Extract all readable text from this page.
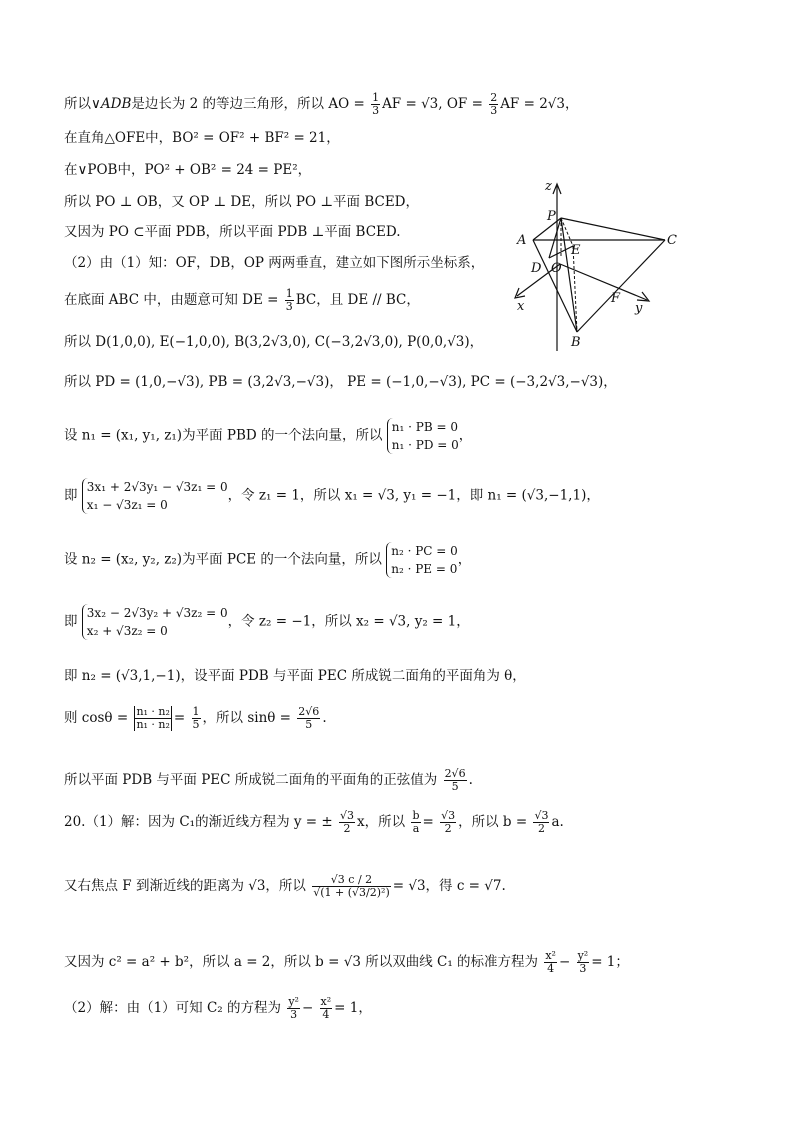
所以∨ADB是边长为 2 的等边三角形，所以 AO = $\frac{1}{3}$ AF = √3, OF = $\frac{2}{3}$ AF = 2√3，
在直角△OFE中，BO² = OF² + BF² = 21，
在∨POB中，PO² + OB² = 24 = PE²，
所以 PO ⊥ OB，又 OP ⊥ DE，所以 PO ⊥平面 BCED，
又因为 PO ⊂平面 PDB，所以平面 PDB ⊥平面 BCED.
（2）由（1）知：OF，DB，OP 两两垂直，建立如下图所示坐标系，
在底面 ABC 中，由题意可知 DE = $\frac{1}{3}$ BC，且 DE // BC，
所以 D(1,0,0), E(−1,0,0), B(3,2√3,0), C(−3,2√3,0), P(0,0,√3)，
所以 PD = (1,0,−√3), PB = (3,2√3,−√3)， PE = (−1,0,−√3), PC = (−3,2√3,−√3)，
设 n₁ = (x₁, y₁, z₁)为平面 PBD 的一个法向量，所以
n₁ · PB = 0
n₁ · PD = 0
，
即
3x₁ + 2√3y₁ − √3z₁ = 0
x₁ − √3z₁ = 0
，令 z₁ = 1，所以 x₁ = √3, y₁ = −1，即 n₁ = (√3,−1,1)，
设 n₂ = (x₂, y₂, z₂)为平面 PCE 的一个法向量，所以
n₂ · PC = 0
n₂ · PE = 0
，
即
3x₂ − 2√3y₂ + √3z₂ = 0
x₂ + √3z₂ = 0
，令 z₂ = −1，所以 x₂ = √3, y₂ = 1，
即 n₂ = (√3,1,−1)，设平面 PDB 与平面 PEC 所成锐二面角的平面角为 θ，
则 $\cos\theta = \frac{\text{n₁ · n₂}}{\text{n₁ · n₂}} = \frac{1}{5}$ ，所以 $\sin\theta = \frac{2√6}{5}$ .
所以平面 PDB 与平面 PEC 所成锐二面角的平面角的正弦值为 $\frac{2√6}{5}$ .
20.（1）解：因为 C₁的渐近线方程为 y = ± $\frac{√3}{2}$ x，所以 $\frac{b}{a} = \frac{√3}{2}$ ，所以 $b = \frac{√3}{2} a$.
又右焦点 F 到渐近线的距离为 √3，所以 $\frac{√3 c / 2}{\text{√(1 + (√3/2)²)}} = √3$，得 c = √7.
又因为 c² = a² + b²，所以 a = 2，所以 b = √3 所以双曲线 C₁ 的标准方程为 $\frac{\text{x²}}{4} - \frac{\text{y²}}{3} = 1$；
（2）解：由（1）可知 C₂ 的方程为 $\frac{\text{y²}}{3} - \frac{\text{x²}}{4} = 1$，
z
P
A	C
E
D O
F
x	y
B
